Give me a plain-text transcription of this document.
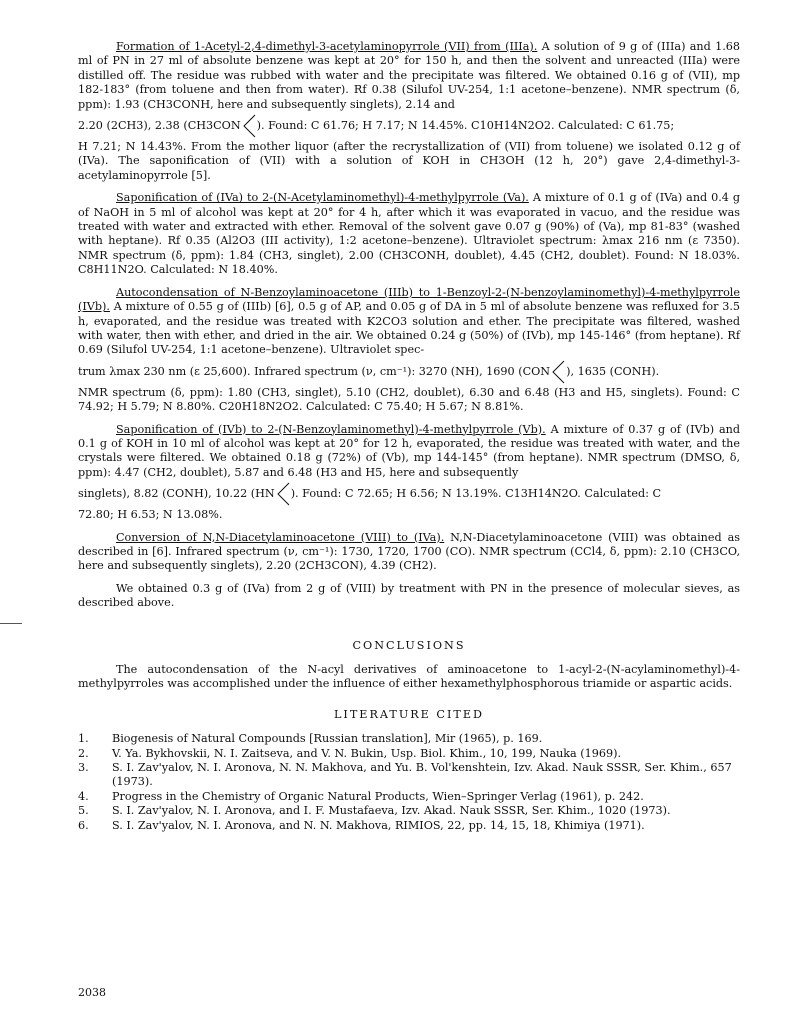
Formation of 1-Acetyl-2,4-dimethyl-3-acetylaminopyrrole (VII) from (IIIa). A solution of 9 g of (IIIa) and 1.68 ml of PN in 27 ml of absolute benzene was kept at 20° for 150 h, and then the solvent and unreacted (IIIa) were distilled off. The residue was rubbed with water and the precipitate was filtered. We obtained 0.16 g of (VII), mp 182-183° (from toluene and then from water). Rf 0.38 (Silufol UV-254, 1:1 acetone–benzene). NMR spectrum (δ, ppm): 1.93 (CH3CONH, here and subsequently singlets), 2.14 and

2.20 (2CH3), 2.38 (CH3CON ). Found: C 61.76; H 7.17; N 14.45%. C10H14N2O2. Calculated: C 61.75;

H 7.21; N 14.43%. From the mother liquor (after the recrystallization of (VII) from toluene) we isolated 0.12 g of (IVa). The saponification of (VII) with a solution of KOH in CH3OH (12 h, 20°) gave 2,4-dimethyl-3-acetylaminopyrrole [5].

Saponification of (IVa) to 2-(N-Acetylaminomethyl)-4-methylpyrrole (Va). A mixture of 0.1 g of (IVa) and 0.4 g of NaOH in 5 ml of alcohol was kept at 20° for 4 h, after which it was evaporated in vacuo, and the residue was treated with water and extracted with ether. Removal of the solvent gave 0.07 g (90%) of (Va), mp 81-83° (washed with heptane). Rf 0.35 (Al2O3 (III activity), 1:2 acetone–benzene). Ultraviolet spectrum: λmax 216 nm (ε 7350). NMR spectrum (δ, ppm): 1.84 (CH3, singlet), 2.00 (CH3CONH, doublet), 4.45 (CH2, doublet). Found: N 18.03%. C8H11N2O. Calculated: N 18.40%.

Autocondensation of N-Benzoylaminoacetone (IIIb) to 1-Benzoyl-2-(N-benzoylaminomethyl)-4-methylpyrrole (IVb). A mixture of 0.55 g of (IIIb) [6], 0.5 g of AP, and 0.05 g of DA in 5 ml of absolute benzene was refluxed for 3.5 h, evaporated, and the residue was treated with K2CO3 solution and ether. The precipitate was filtered, washed with water, then with ether, and dried in the air. We obtained 0.24 g (50%) of (IVb), mp 145-146° (from heptane). Rf 0.69 (Silufol UV-254, 1:1 acetone–benzene). Ultraviolet spec-

trum λmax 230 nm (ε 25,600). Infrared spectrum (ν, cm⁻¹): 3270 (NH), 1690 (CON ), 1635 (CONH).

NMR spectrum (δ, ppm): 1.80 (CH3, singlet), 5.10 (CH2, doublet), 6.30 and 6.48 (H3 and H5, singlets). Found: C 74.92; H 5.79; N 8.80%. C20H18N2O2. Calculated: C 75.40; H 5.67; N 8.81%.

Saponification of (IVb) to 2-(N-Benzoylaminomethyl)-4-methylpyrrole (Vb). A mixture of 0.37 g of (IVb) and 0.1 g of KOH in 10 ml of alcohol was kept at 20° for 12 h, evaporated, the residue was treated with water, and the crystals were filtered. We obtained 0.18 g (72%) of (Vb), mp 144-145° (from heptane). NMR spectrum (DMSO, δ, ppm): 4.47 (CH2, doublet), 5.87 and 6.48 (H3 and H5, here and subsequently

singlets), 8.82 (CONH), 10.22 (HN ). Found: C 72.65; H 6.56; N 13.19%. C13H14N2O. Calculated: C

72.80; H 6.53; N 13.08%.

Conversion of N,N-Diacetylaminoacetone (VIII) to (IVa). N,N-Diacetylaminoacetone (VIII) was obtained as described in [6]. Infrared spectrum (ν, cm⁻¹): 1730, 1720, 1700 (CO). NMR spectrum (CCl4, δ, ppm): 2.10 (CH3CO, here and subsequently singlets), 2.20 (2CH3CON), 4.39 (CH2).

We obtained 0.3 g of (IVa) from 2 g of (VIII) by treatment with PN in the presence of molecular sieves, as described above.

CONCLUSIONS

The autocondensation of the N-acyl derivatives of aminoacetone to 1-acyl-2-(N-acylaminomethyl)-4-methylpyrroles was accomplished under the influence of either hexamethylphosphorous triamide or aspartic acids.

LITERATURE CITED
1.	Biogenesis of Natural Compounds [Russian translation], Mir (1965), p. 169.
2.	V. Ya. Bykhovskii, N. I. Zaitseva, and V. N. Bukin, Usp. Biol. Khim., 10, 199, Nauka (1969).
3.	S. I. Zav'yalov, N. I. Aronova, N. N. Makhova, and Yu. B. Vol'kenshtein, Izv. Akad. Nauk SSSR, Ser. Khim., 657 (1973).
4.	Progress in the Chemistry of Organic Natural Products, Wien–Springer Verlag (1961), p. 242.
5.	S. I. Zav'yalov, N. I. Aronova, and I. F. Mustafaeva, Izv. Akad. Nauk SSSR, Ser. Khim., 1020 (1973).
6.	S. I. Zav'yalov, N. I. Aronova, and N. N. Makhova, RIMIOS, 22, pp. 14, 15, 18, Khimiya (1971).
2038
